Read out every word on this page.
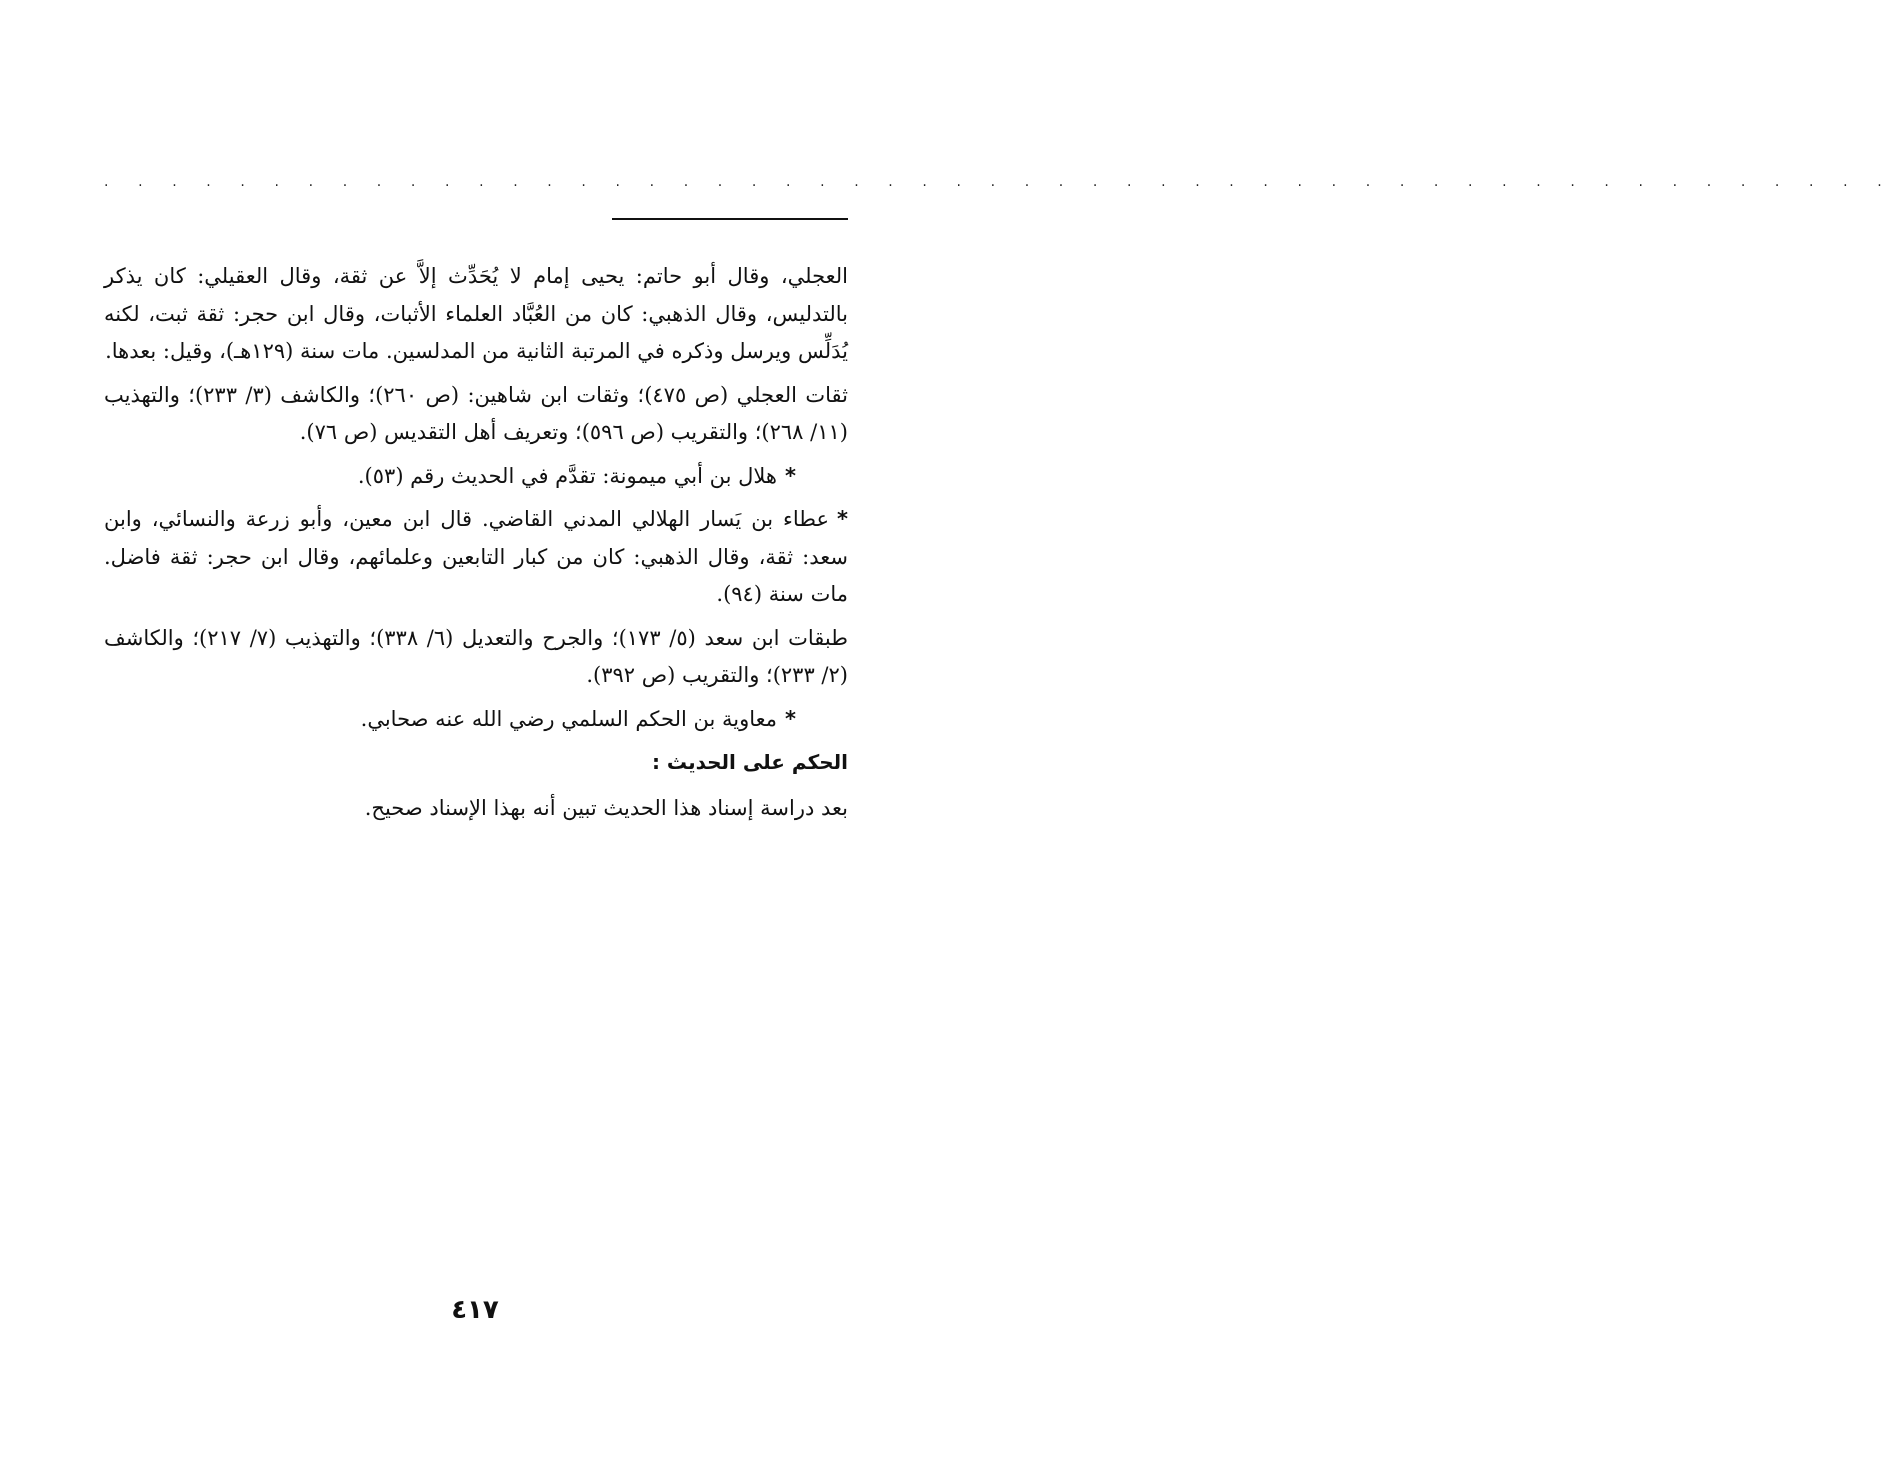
. . . . . . . . . . . . . . . . . . . . . . . . . . . . . . . . . . . . . . . . . . . . . . . . . . . . .

العجلي، وقال أبو حاتم: يحيى إمام لا يُحَدِّث إلاَّ عن ثقة، وقال العقيلي: كان يذكر بالتدليس، وقال الذهبي: كان من العُبَّاد العلماء الأثبات، وقال ابن حجر: ثقة ثبت، لكنه يُدَلِّس ويرسل وذكره في المرتبة الثانية من المدلسين. مات سنة (١٢٩هـ)، وقيل: بعدها.

ثقات العجلي (ص ٤٧٥)؛ وثقات ابن شاهين: (ص ٢٦٠)؛ والكاشف (٣/ ٢٣٣)؛ والتهذيب (١١/ ٢٦٨)؛ والتقريب (ص ٥٩٦)؛ وتعريف أهل التقديس (ص ٧٦).

*هلال بن أبي ميمونة: تقدَّم في الحديث رقم (٥٣).

*عطاء بن يَسار الهلالي المدني القاضي. قال ابن معين، وأبو زرعة والنسائي، وابن سعد: ثقة، وقال الذهبي: كان من كبار التابعين وعلمائهم، وقال ابن حجر: ثقة فاضل. مات سنة (٩٤).

طبقات ابن سعد (٥/ ١٧٣)؛ والجرح والتعديل (٦/ ٣٣٨)؛ والتهذيب (٧/ ٢١٧)؛ والكاشف (٢/ ٢٣٣)؛ والتقريب (ص ٣٩٢).

*معاوية بن الحكم السلمي رضي الله عنه صحابي.

الحكم على الحديث :

بعد دراسة إسناد هذا الحديث تبين أنه بهذا الإسناد صحيح.

٤١٧
